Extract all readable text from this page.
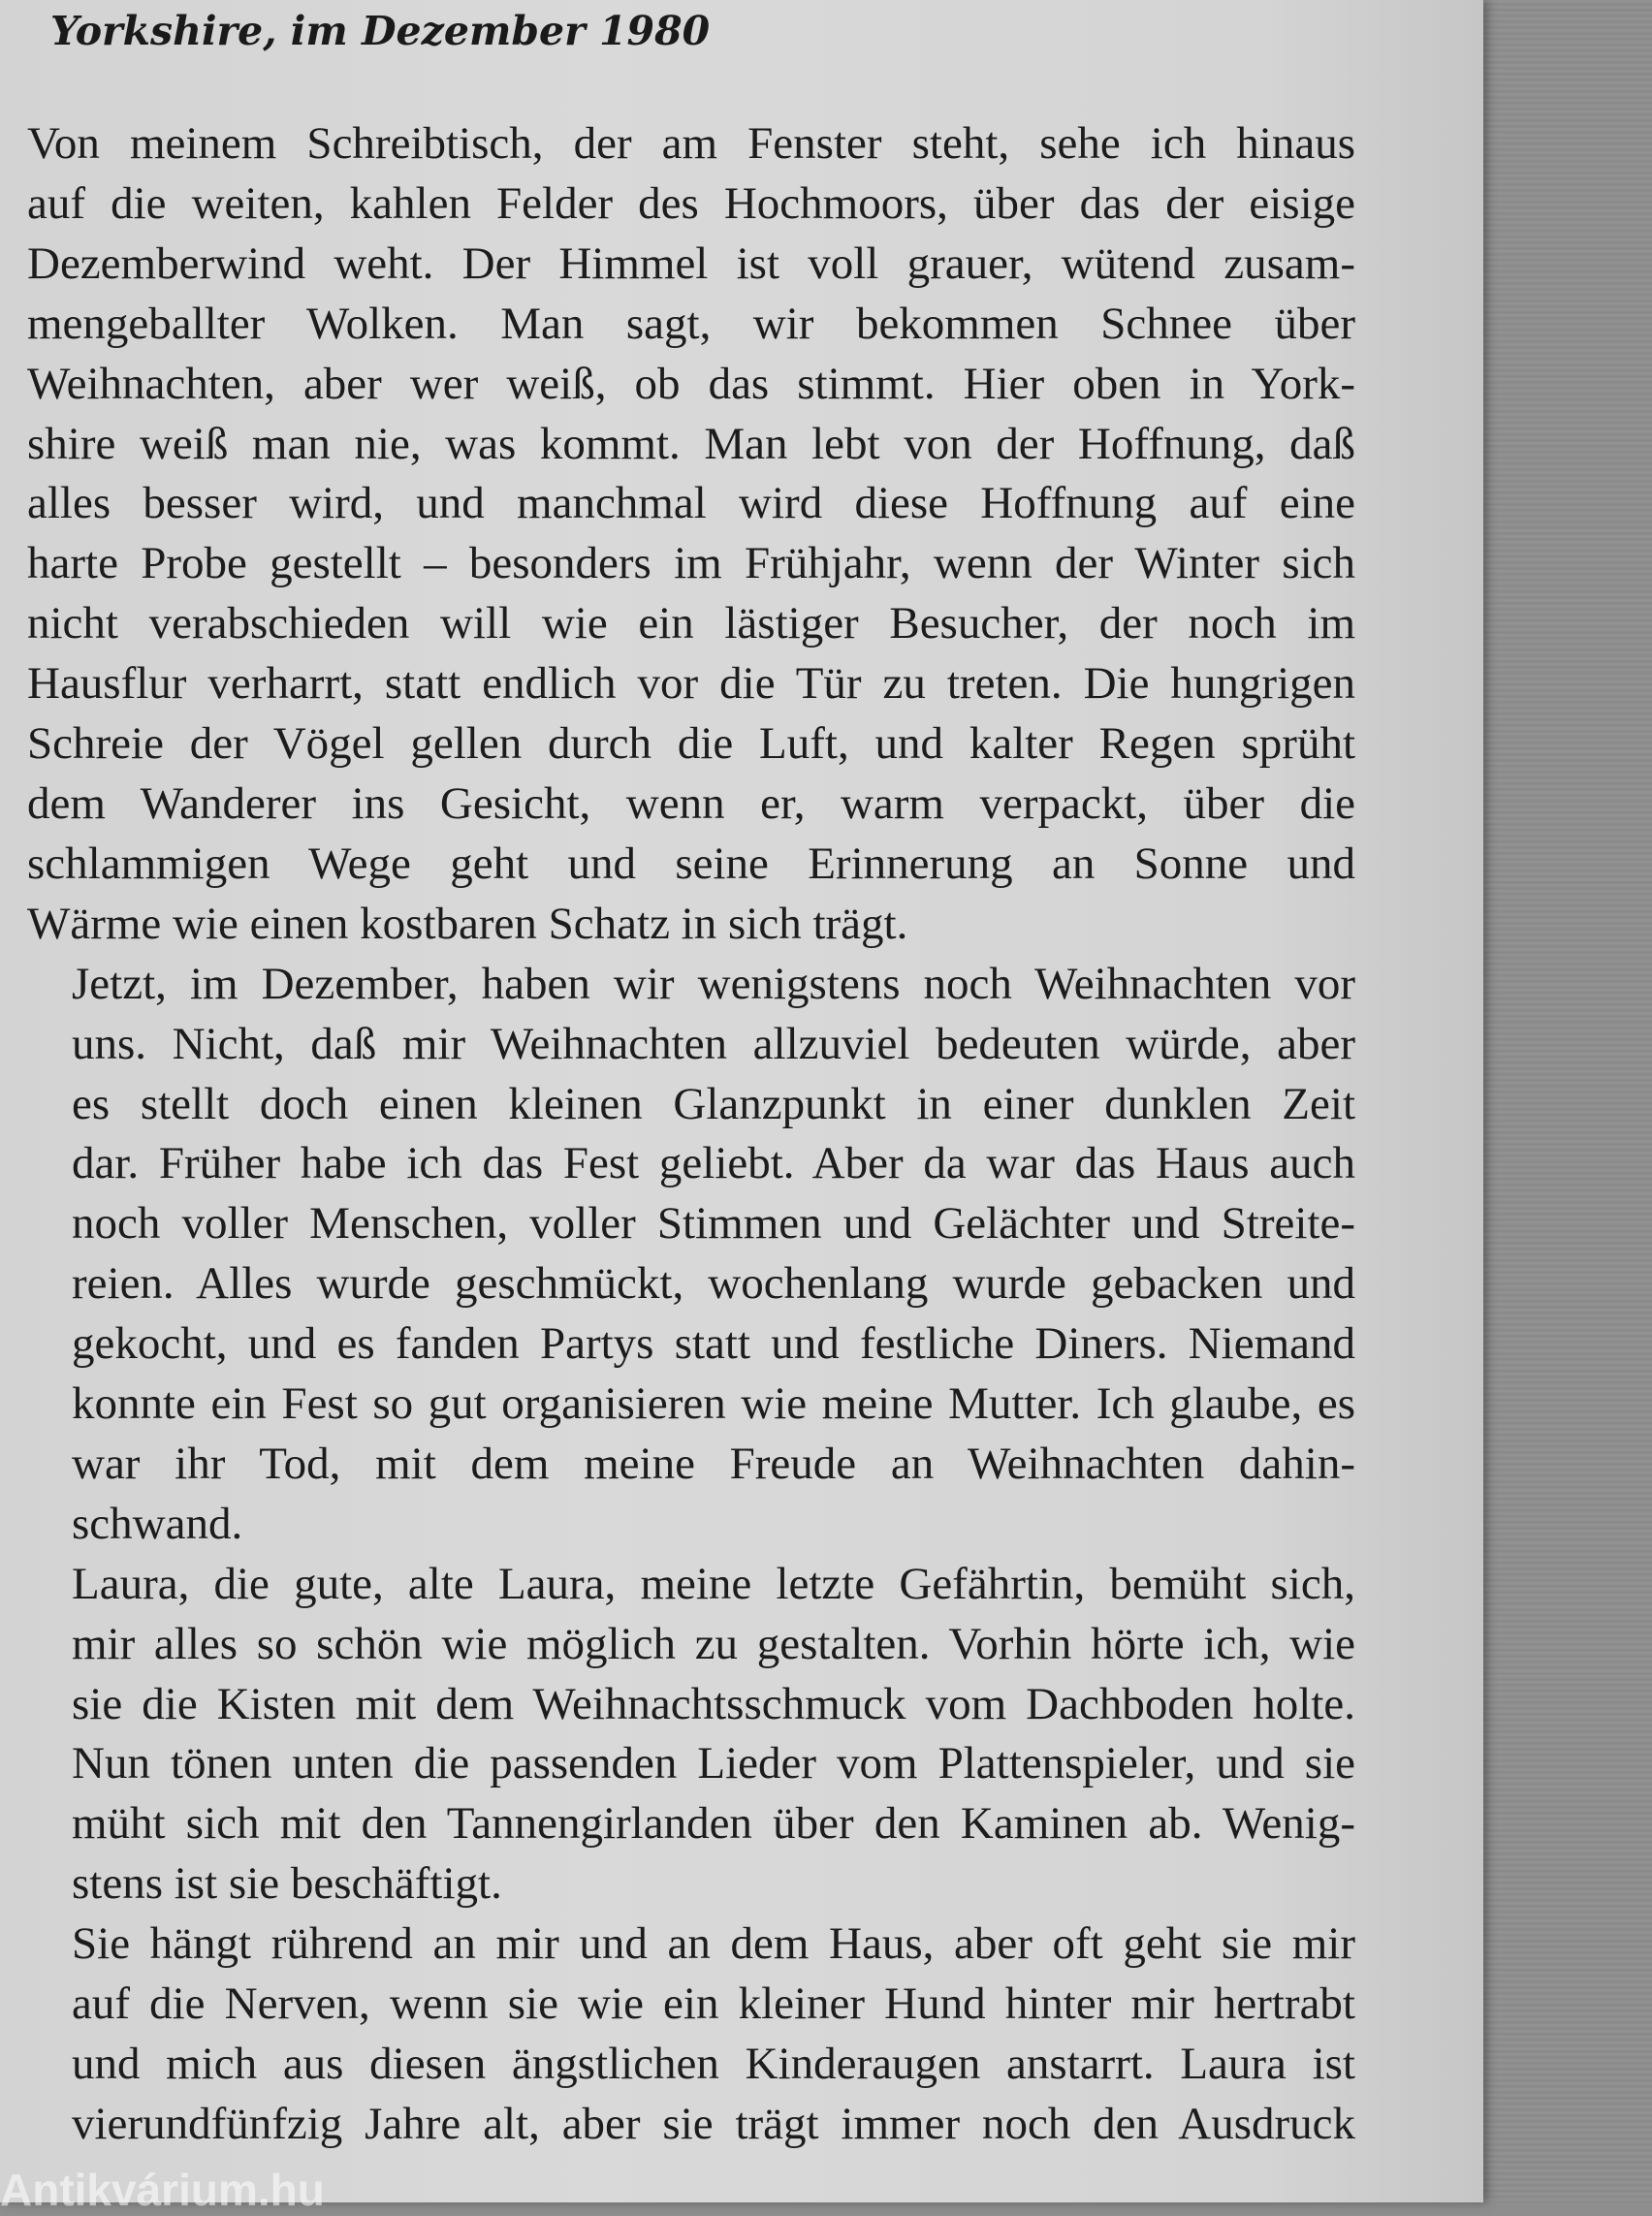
Yorkshire, im Dezember 1980

Von meinem Schreibtisch, der am Fenster steht, sehe ich hinaus
auf die weiten, kahlen Felder des Hochmoors, über das der eisige
Dezemberwind weht. Der Himmel ist voll grauer, wütend zusam-
mengeballter Wolken. Man sagt, wir bekommen Schnee über
Weihnachten, aber wer weiß, ob das stimmt. Hier oben in York-
shire weiß man nie, was kommt. Man lebt von der Hoffnung, daß
alles besser wird, und manchmal wird diese Hoffnung auf eine
harte Probe gestellt – besonders im Frühjahr, wenn der Winter sich
nicht verabschieden will wie ein lästiger Besucher, der noch im
Hausflur verharrt, statt endlich vor die Tür zu treten. Die hungrigen
Schreie der Vögel gellen durch die Luft, und kalter Regen sprüht
dem Wanderer ins Gesicht, wenn er, warm verpackt, über die
schlammigen Wege geht und seine Erinnerung an Sonne und
Wärme wie einen kostbaren Schatz in sich trägt.

Jetzt, im Dezember, haben wir wenigstens noch Weihnachten vor
uns. Nicht, daß mir Weihnachten allzuviel bedeuten würde, aber
es stellt doch einen kleinen Glanzpunkt in einer dunklen Zeit
dar. Früher habe ich das Fest geliebt. Aber da war das Haus auch
noch voller Menschen, voller Stimmen und Gelächter und Streite-
reien. Alles wurde geschmückt, wochenlang wurde gebacken und
gekocht, und es fanden Partys statt und festliche Diners. Niemand
konnte ein Fest so gut organisieren wie meine Mutter. Ich glaube, es
war ihr Tod, mit dem meine Freude an Weihnachten dahin-
schwand.

Laura, die gute, alte Laura, meine letzte Gefährtin, bemüht sich,
mir alles so schön wie möglich zu gestalten. Vorhin hörte ich, wie
sie die Kisten mit dem Weihnachtsschmuck vom Dachboden holte.
Nun tönen unten die passenden Lieder vom Plattenspieler, und sie
müht sich mit den Tannengirlanden über den Kaminen ab. Wenig-
stens ist sie beschäftigt.

Sie hängt rührend an mir und an dem Haus, aber oft geht sie mir
auf die Nerven, wenn sie wie ein kleiner Hund hinter mir hertrabt
und mich aus diesen ängstlichen Kinderaugen anstarrt. Laura ist
vierundfünfzig Jahre alt, aber sie trägt immer noch den Ausdruck

Antikvárium.hu
